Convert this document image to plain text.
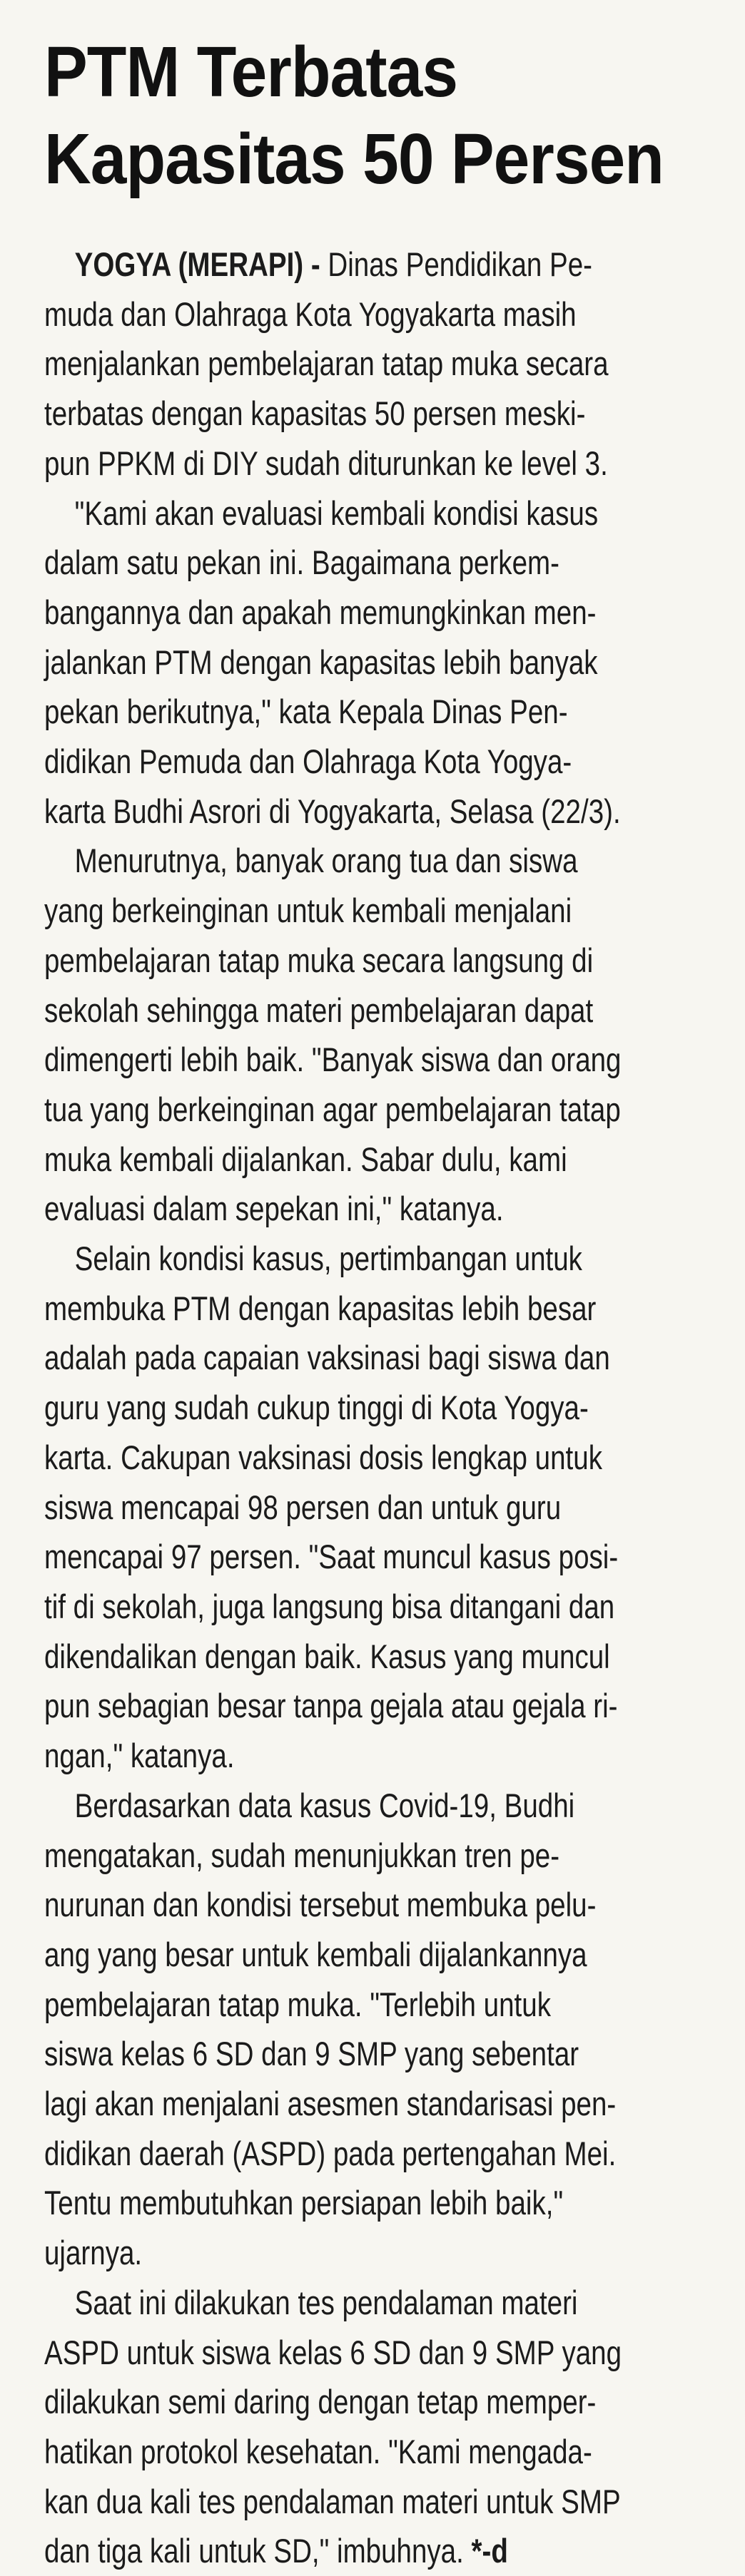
PTM Terbatas
Kapasitas 50 Persen

YOGYA (MERAPI) - Dinas Pendidikan Pe-
muda dan Olahraga Kota Yogyakarta masih
menjalankan pembelajaran tatap muka secara
terbatas dengan kapasitas 50 persen meski-
pun PPKM di DIY sudah diturunkan ke level 3.

"Kami akan evaluasi kembali kondisi kasus
dalam satu pekan ini. Bagaimana perkem-
bangannya dan apakah memungkinkan men-
jalankan PTM dengan kapasitas lebih banyak
pekan berikutnya," kata Kepala Dinas Pen-
didikan Pemuda dan Olahraga Kota Yogya-
karta Budhi Asrori di Yogyakarta, Selasa (22/3).

Menurutnya, banyak orang tua dan siswa
yang berkeinginan untuk kembali menjalani
pembelajaran tatap muka secara langsung di
sekolah sehingga materi pembelajaran dapat
dimengerti lebih baik. "Banyak siswa dan orang
tua yang berkeinginan agar pembelajaran tatap
muka kembali dijalankan. Sabar dulu, kami
evaluasi dalam sepekan ini," katanya.

Selain kondisi kasus, pertimbangan untuk
membuka PTM dengan kapasitas lebih besar
adalah pada capaian vaksinasi bagi siswa dan
guru yang sudah cukup tinggi di Kota Yogya-
karta. Cakupan vaksinasi dosis lengkap untuk
siswa mencapai 98 persen dan untuk guru
mencapai 97 persen. "Saat muncul kasus posi-
tif di sekolah, juga langsung bisa ditangani dan
dikendalikan dengan baik. Kasus yang muncul
pun sebagian besar tanpa gejala atau gejala ri-
ngan," katanya.

Berdasarkan data kasus Covid-19, Budhi
mengatakan, sudah menunjukkan tren pe-
nurunan dan kondisi tersebut membuka pelu-
ang yang besar untuk kembali dijalankannya
pembelajaran tatap muka. "Terlebih untuk
siswa kelas 6 SD dan 9 SMP yang sebentar
lagi akan menjalani asesmen standarisasi pen-
didikan daerah (ASPD) pada pertengahan Mei.
Tentu membutuhkan persiapan lebih baik,"
ujarnya.

Saat ini dilakukan tes pendalaman materi
ASPD untuk siswa kelas 6 SD dan 9 SMP yang
dilakukan semi daring dengan tetap memper-
hatikan protokol kesehatan. "Kami mengada-
kan dua kali tes pendalaman materi untuk SMP
dan tiga kali untuk SD," imbuhnya. *-d
